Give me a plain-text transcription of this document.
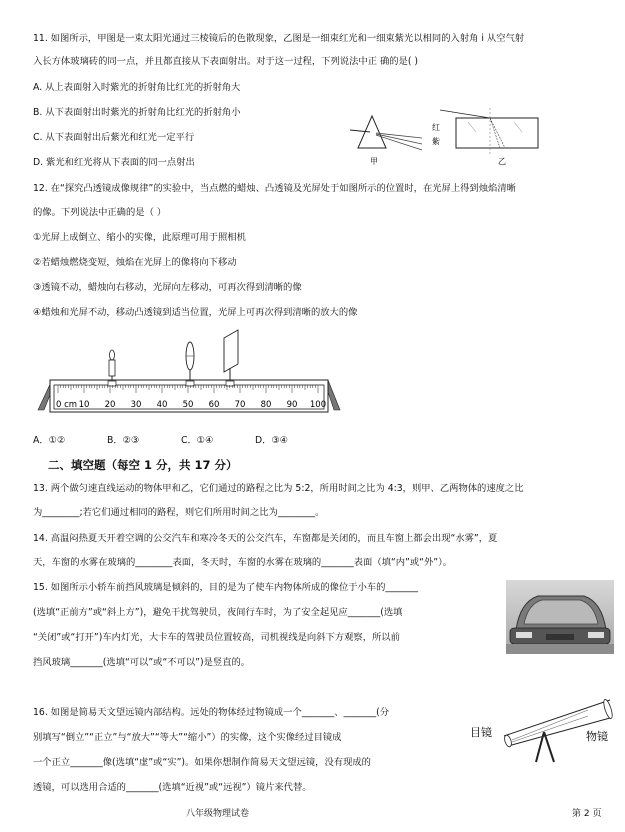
11. 如图所示，甲图是一束太阳光通过三棱镜后的色散现象，乙图是一细束红光和一细束紫光以相同的入射角 i 从空气射
入长方体玻璃砖的同一点，并且都直接从下表面射出。对于这一过程，下列说法中正 确的是( )
A. 从上表面射入时紫光的折射角比红光的折射角大
B. 从下表面射出时紫光的折射角比红光的折射角小
C. 从下表面射出后紫光和红光一定平行
D. 紫光和红光将从下表面的同一点射出	甲
红
紫
乙
12. 在“探究凸透镜成像规律”的实验中，当点燃的蜡烛、凸透镜及光屏处于如图所示的位置时，在光屏上得到烛焰清晰
的像。下列说法中正确的是（ ）
①光屏上成倒立、缩小的实像，此原理可用于照相机
②若蜡烛燃烧变短，烛焰在光屏上的像将向下移动
③透镜不动，蜡烛向右移动，光屏向左移动，可再次得到清晰的像
④蜡烛和光屏不动，移动凸透镜到适当位置，光屏上可再次得到清晰的放大的像
0 cm 10 20 30 40 50 60 70 80 90 100
A．①②	B．②③	C．①④	D．③④
二、填空题（每空 1 分，共 17 分）
13. 两个做匀速直线运动的物体甲和乙，它们通过的路程之比为 5:2，所用时间之比为 4:3，则甲、乙两物体的速度之比
为________;若它们通过相同的路程，则它们所用时间之比为________。
14. 高温闷热夏天开着空调的公交汽车和寒冷冬天的公交汽车，车窗都是关闭的，而且车窗上都会出现“水雾”，夏
天，车窗的水雾在玻璃的________表面，冬天时，车窗的水雾在玻璃的_______表面（填“内”或“外”）。
15. 如图所示小轿车前挡风玻璃是倾斜的，目的是为了使车内物体所成的像位于小车的_______
(选填“正前方”或“斜上方”)，避免干扰驾驶员，夜间行车时，为了安全起见应_______(选填
“关闭”或“打开”)车内灯光，大卡车的驾驶员位置较高，司机视线是向斜下方观察，所以前
挡风玻璃_______(选填“可以”或“不可以”)是竖直的。
16. 如图是简易天文望远镜内部结构。远处的物体经过物镜成一个_______、_______(分
别填写“倒立”“正立”与“放大”“等大”“缩小”）的实像，这个实像经过目镜成
一个正立_______像(选填“虚”或“实”)。如果你想制作简易天文望远镜，没有现成的
透镜，可以选用合适的_______(选填“近视”或“远视”）镜片来代替。
目镜	物镜
八年级物理试卷	第 2 页
